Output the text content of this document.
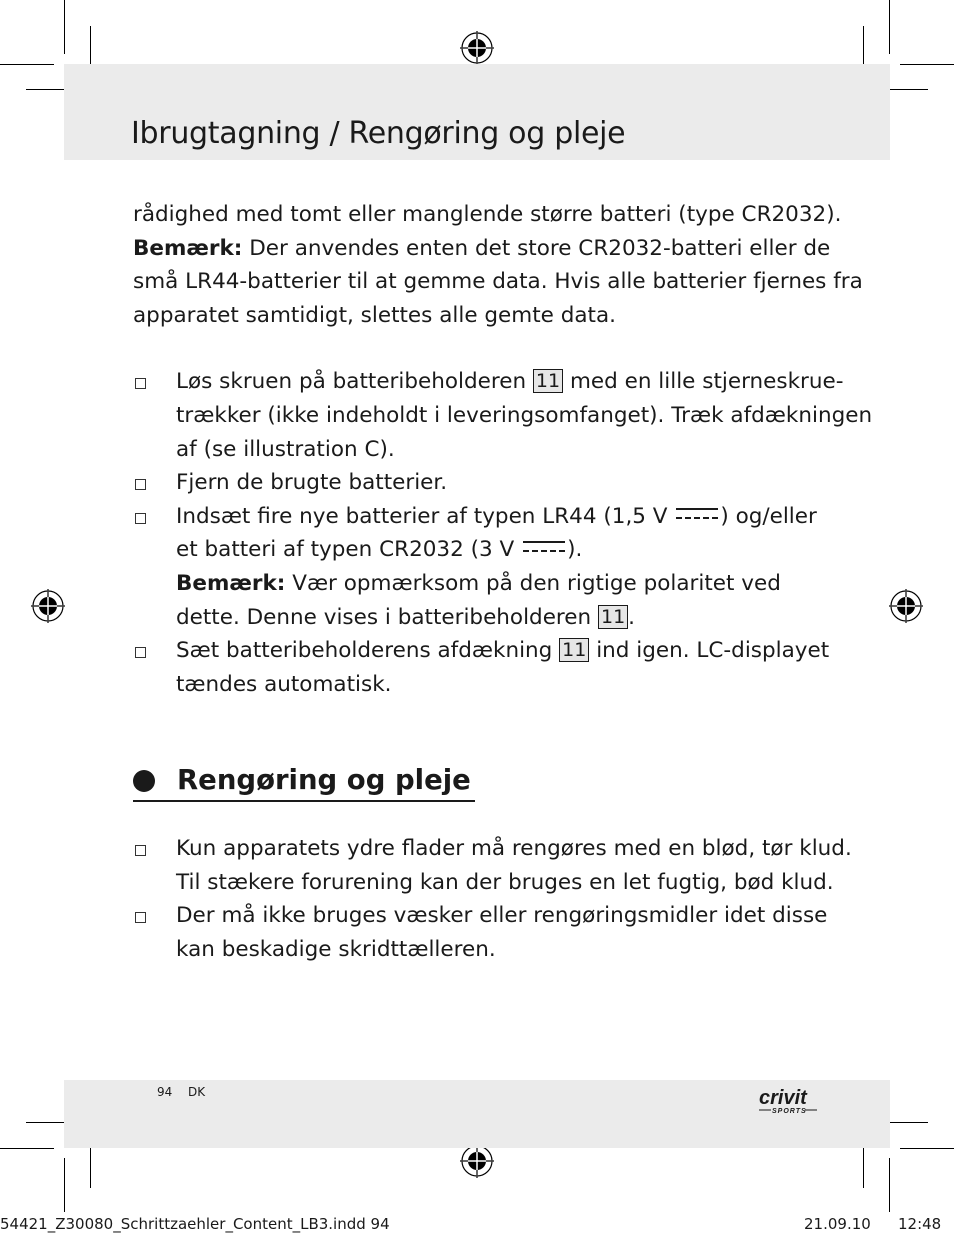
Ibrugtagning / Rengøring og pleje

rådighed med tomt eller manglende større batteri (type CR2032).

Bemærk: Der anvendes enten det store CR2032-batteri eller de

små LR44-batterier til at gemme data. Hvis alle batterier fjernes fra

apparatet samtidigt, slettes alle gemte data.

Løs skruen på batteribeholderen 11 med en lille stjerneskrue-
trækker (ikke indeholdt i leveringsomfanget). Træk afdækningen
af (se illustration C).
Fjern de brugte batterier.
Indsæt fire nye batterier af typen LR44 (1,5 V
) og/eller
et batteri af typen CR2032 (3 V
).
Bemærk: Vær opmærksom på den rigtige polaritet ved
dette. Denne vises i batteribeholderen 11 .
Sæt batteribeholderens afdækning 11 ind igen. LC-displayet
tændes automatisk.
Rengøring og pleje
Kun apparatets ydre flader må rengøres med en blød, tør klud.
Til stækere forurening kan der bruges en let fugtig, bød klud.
Der må ikke bruges væsker eller rengøringsmidler idet disse
kan beskadige skridttælleren.
94 DK	crivit
SPORTS
54421_Z30080_Schrittzaehler_Content_LB3.indd 94	21.09.10 12:48
